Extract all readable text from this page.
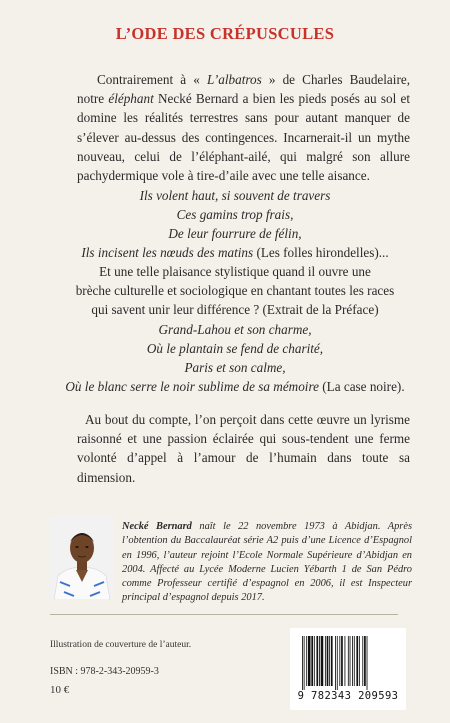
L’ODE DES CRÉPUSCULES
Contrairement à « L’albatros » de Charles Baudelaire, notre éléphant Necké Bernard a bien les pieds posés au sol et domine les réalités terrestres sans pour autant manquer de s’élever au-dessus des contingences. Incarnerait-il un mythe nouveau, celui de l’éléphant-ailé, qui malgré son allure pachydermique vole à tire-d’aile avec une telle aisance.
Ils volent haut, si souvent de travers
Ces gamins trop frais,
De leur fourrure de félin,
Ils incisent les nœuds des matins (Les folles hirondelles)...
Et une telle plaisance stylistique quand il ouvre une
brèche culturelle et sociologique en chantant toutes les races
qui savent unir leur différence ? (Extrait de la Préface)
Grand-Lahou et son charme,
Où le plantain se fend de charité,
Paris et son calme,
Où le blanc serre le noir sublime de sa mémoire (La case noire).
Au bout du compte, l’on perçoit dans cette œuvre un lyrisme raisonné et une passion éclairée qui sous-tendent une ferme volonté d’appel à l’amour de l’humain dans toute sa dimension.
Necké Bernard naît le 22 novembre 1973 à Abidjan. Après l’obtention du Baccalauréat série A2 puis d’une Licence d’Espagnol en 1996, l’auteur rejoint l’Ecole Normale Supérieure d’Abidjan en 2004. Affecté au Lycée Moderne Lucien Yébarth 1 de San Pédro comme Professeur certifié d’espagnol en 2006, il est Inspecteur principal d’espagnol depuis 2017.
Illustration de couverture de l’auteur.
ISBN : 978-2-343-20959-3
10 €	9 782343 209593
